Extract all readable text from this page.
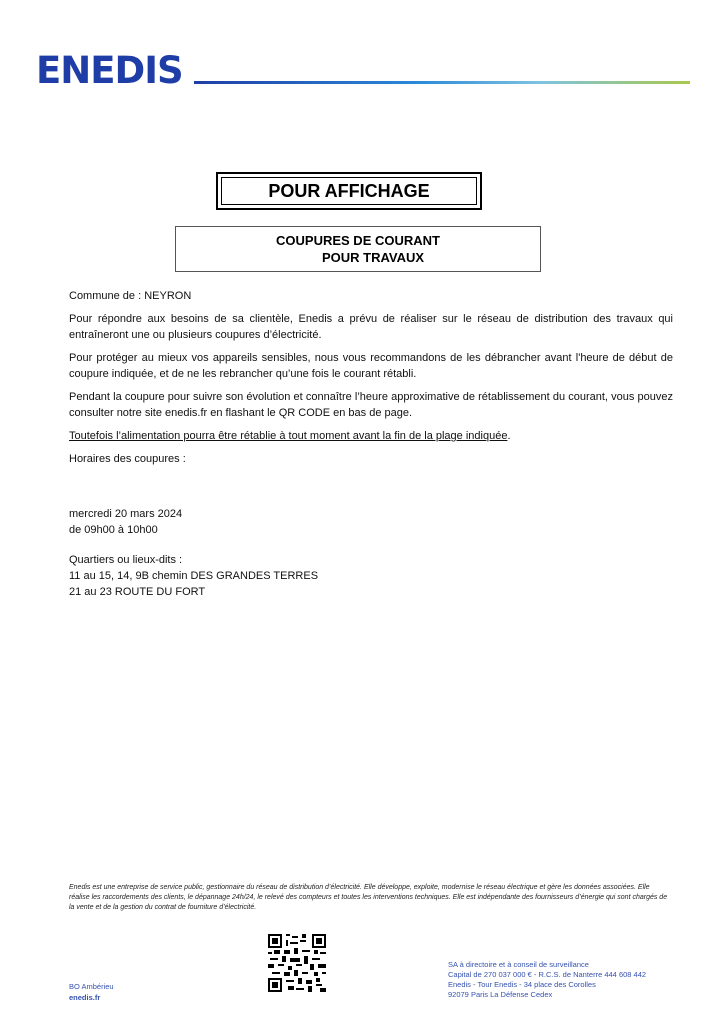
ENEDIS
POUR AFFICHAGE
COUPURES DE COURANT
POUR TRAVAUX

Commune de : NEYRON

Pour répondre aux besoins de sa clientèle, Enedis a prévu de réaliser sur le réseau de distribution des travaux qui entraîneront une ou plusieurs coupures d’électricité.

Pour protéger au mieux vos appareils sensibles, nous vous recommandons de les débrancher avant l'heure de début de coupure indiquée, et de ne les rebrancher qu’une fois le courant rétabli.

Pendant la coupure pour suivre son évolution et connaître l’heure approximative de rétablissement du courant, vous pouvez consulter notre site enedis.fr en flashant le QR CODE en bas de page.

Toutefois l’alimentation pourra être rétablie à tout moment avant la fin de la plage indiquée.

Horaires des coupures :

mercredi 20 mars 2024
de 09h00 à 10h00
Quartiers ou lieux-dits :
11 au 15, 14, 9B chemin DES GRANDES TERRES
21 au 23 ROUTE DU FORT
Enedis est une entreprise de service public, gestionnaire du réseau de distribution d’électricité. Elle développe, exploite, modernise le réseau électrique et gère les données associées. Elle réalise les raccordements des clients, le dépannage 24h/24, le relevé des compteurs et toutes les interventions techniques. Elle est indépendante des fournisseurs d’énergie qui sont chargés de la vente et de la gestion du contrat de fourniture d’électricité.
BO Ambérieu
enedis.fr
SA à directoire et à conseil de surveillance
Capital de 270 037 000 € - R.C.S. de Nanterre 444 608 442
Enedis - Tour Enedis - 34 place des Corolles
92079 Paris La Défense Cedex
